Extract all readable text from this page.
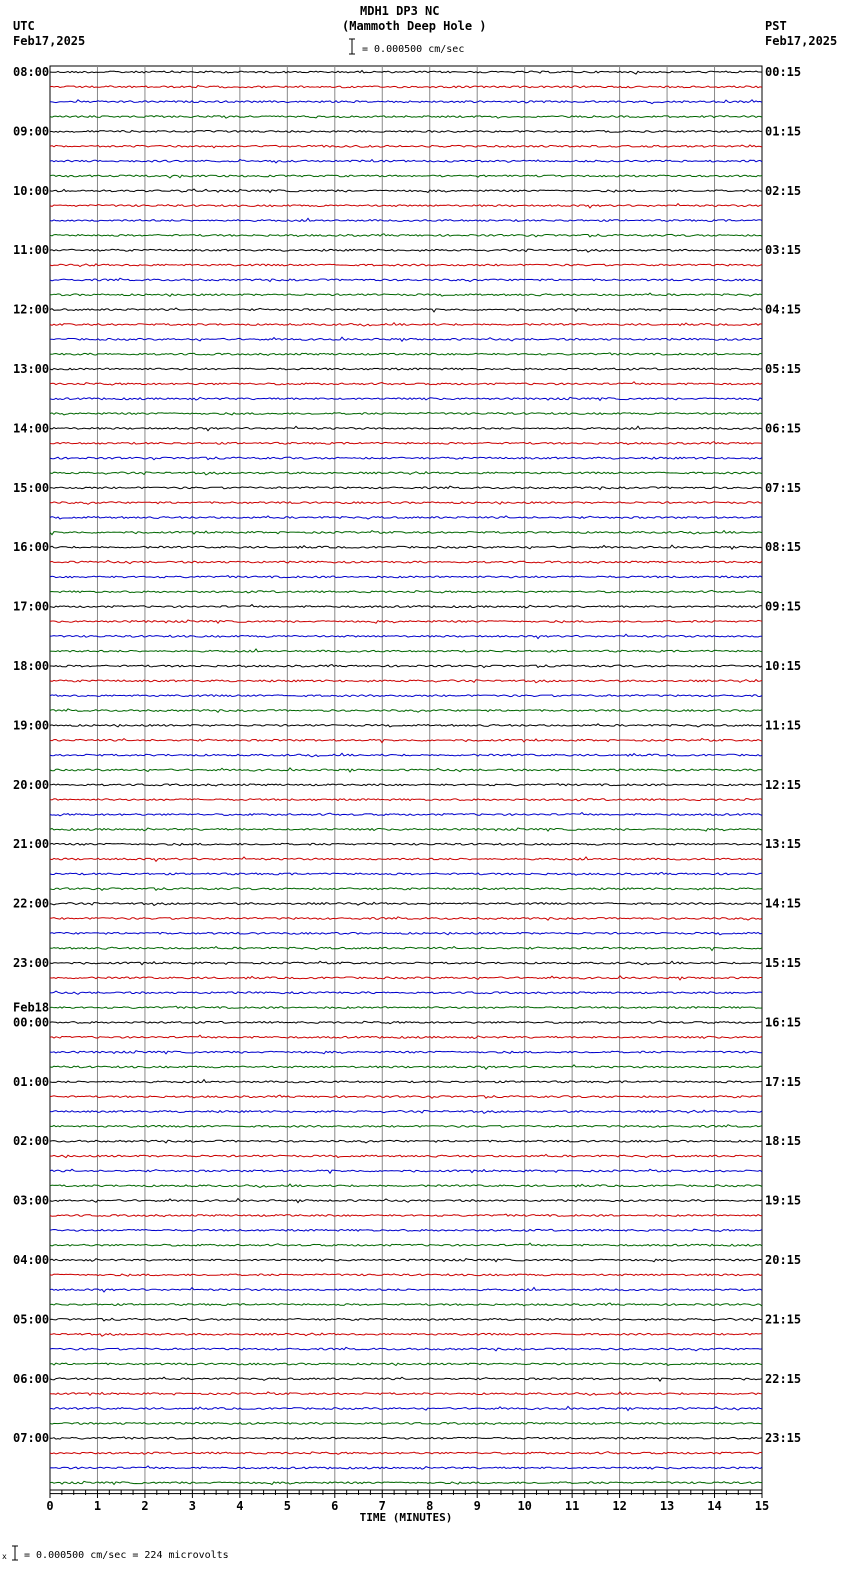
MDH1 DP3 NC
(Mammoth Deep Hole )
UTC
Feb17,2025
PST
Feb17,2025
= 0.000500 cm/sec
= 0.000500 cm/sec = 224 microvolts
x
08:00	00:15
09:00	01:15
10:00	02:15
11:00	03:15
12:00	04:15
13:00	05:15
14:00	06:15
15:00	07:15
16:00	08:15
17:00	09:15
18:00	10:15
19:00	11:15
20:00	12:15
21:00	13:15
22:00	14:15
23:00	15:15
00:00	16:15
Feb18
01:00	17:15
02:00	18:15
03:00	19:15
04:00	20:15
05:00	21:15
06:00	22:15
07:00	23:15
0	1	2	3	4	5	6	7	8	9	10	11	12	13	14	15
TIME (MINUTES)
